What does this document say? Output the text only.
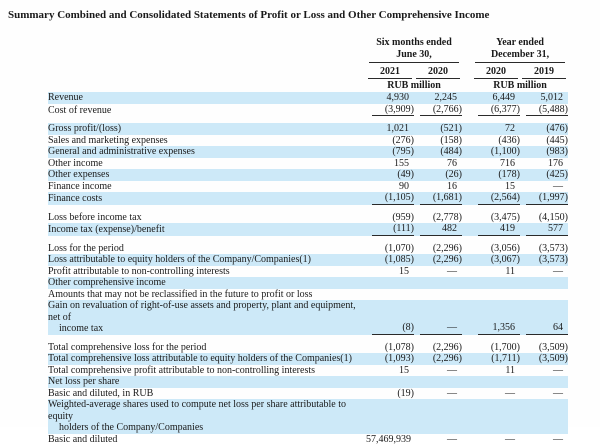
Summary Combined and Consolidated Statements of Profit or Loss and Other Comprehensive Income

Six months ended
June 30,

Year ended
December 31,

	2021	2020		2020	2019
	RUB million			RUB million	
Revenue	4,930	2,245		6,449	5,012
Cost of revenue	(3,909)	(2,766)		(6,377)	(5,488)

Gross profit/(loss)	1,021	(521)		72	(476)
Sales and marketing expenses	(276)	(158)		(436)	(445)
General and administrative expenses	(795)	(484)		(1,100)	(983)
Other income	155	76		716	176
Other expenses	(49)	(26)		(178)	(425)
Finance income	90	16		15	—
Finance costs	(1,105)	(1,681)		(2,564)	(1,997)

Loss before income tax	(959)	(2,778)		(3,475)	(4,150)
Income tax (expense)/benefit	(111)	482		419	577

Loss for the period	(1,070)	(2,296)		(3,056)	(3,573)
Loss attributable to equity holders of the Company/Companies(1)	(1,085)	(2,296)		(3,067)	(3,573)
Profit attributable to non-controlling interests	15	—		11	—
Other comprehensive income					
Amounts that may not be reclassified in the future to profit or loss					

Gain on revaluation of right-of-use assets and property, plant and equipment, net of
income tax	(8)	—		1,356	64

Total comprehensive loss for the period	(1,078)	(2,296)		(1,700)	(3,509)
Total comprehensive loss attributable to equity holders of the Companies(1)	(1,093)	(2,296)		(1,711)	(3,509)
Total comprehensive profit attributable to non-controlling interests	15	—		11	—
Net loss per share					
Basic and diluted, in RUB	(19)	—		—	—

Weighted-average shares used to compute net loss per share attributable to equity
holders of the Company/Companies					

Basic and diluted	57,469,939	—		—	—
